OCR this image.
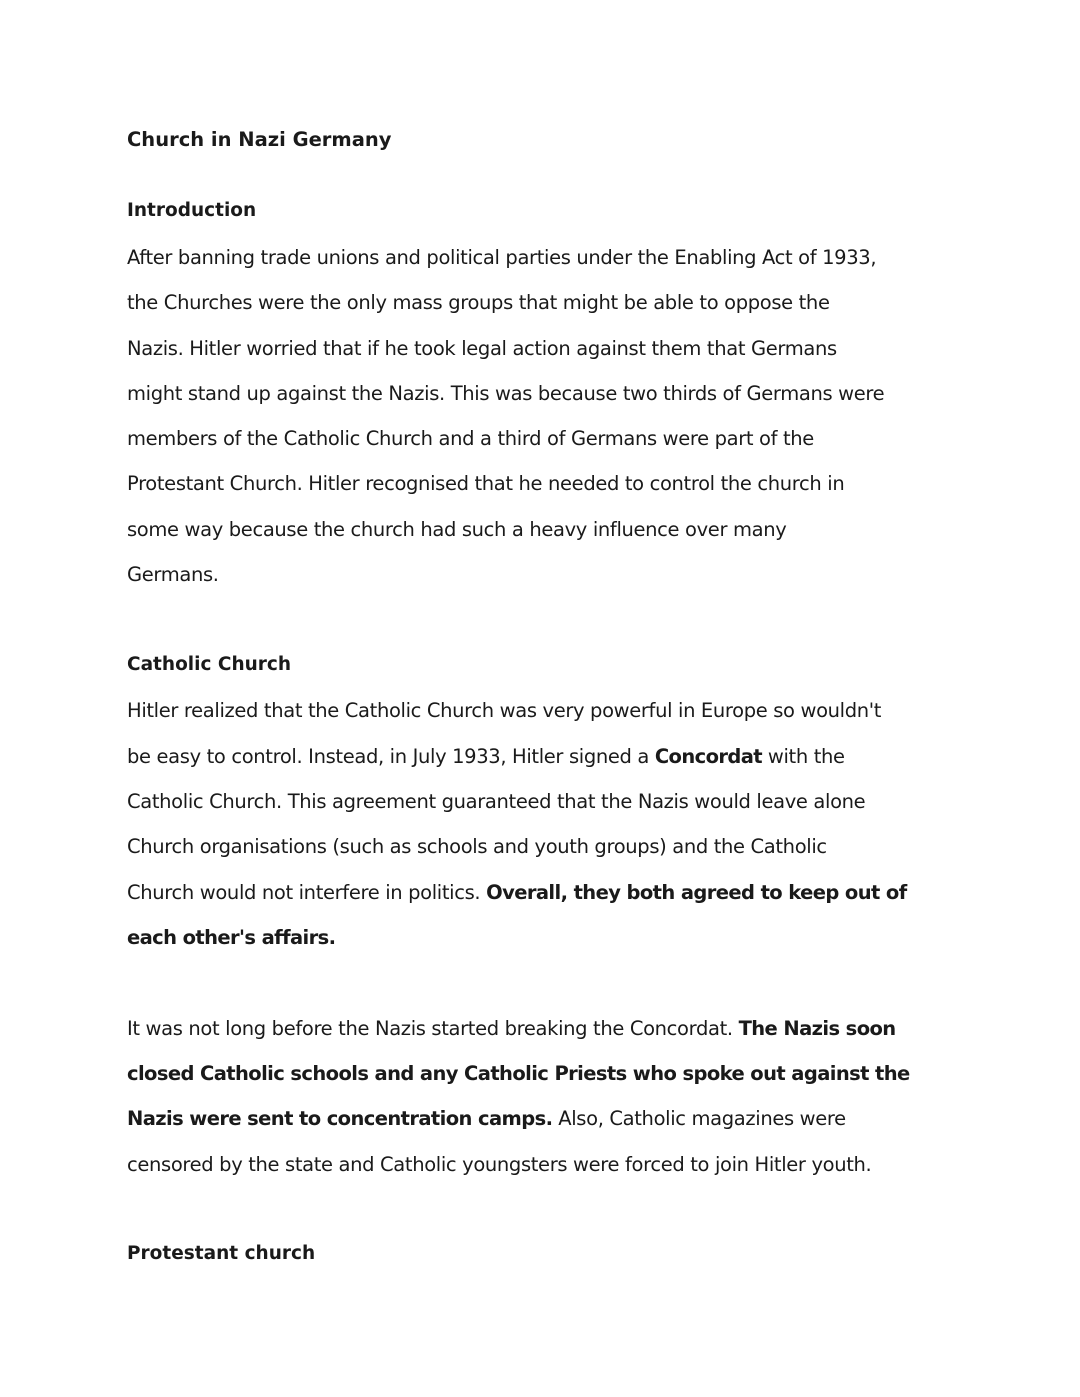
Church in Nazi Germany
Introduction
After banning trade unions and political parties under the Enabling Act of 1933,
the Churches were the only mass groups that might be able to oppose the
Nazis. Hitler worried that if he took legal action against them that Germans
might stand up against the Nazis. This was because two thirds of Germans were
members of the Catholic Church and a third of Germans were part of the
Protestant Church. Hitler recognised that he needed to control the church in
some way because the church had such a heavy influence over many
Germans.
Catholic Church
Hitler realized that the Catholic Church was very powerful in Europe so wouldn't
be easy to control. Instead, in July 1933, Hitler signed a Concordat with the
Catholic Church. This agreement guaranteed that the Nazis would leave alone
Church organisations (such as schools and youth groups) and the Catholic
Church would not interfere in politics. Overall, they both agreed to keep out of
each other's affairs.
It was not long before the Nazis started breaking the Concordat. The Nazis soon
closed Catholic schools and any Catholic Priests who spoke out against the
Nazis were sent to concentration camps. Also, Catholic magazines were
censored by the state and Catholic youngsters were forced to join Hitler youth.
Protestant church
